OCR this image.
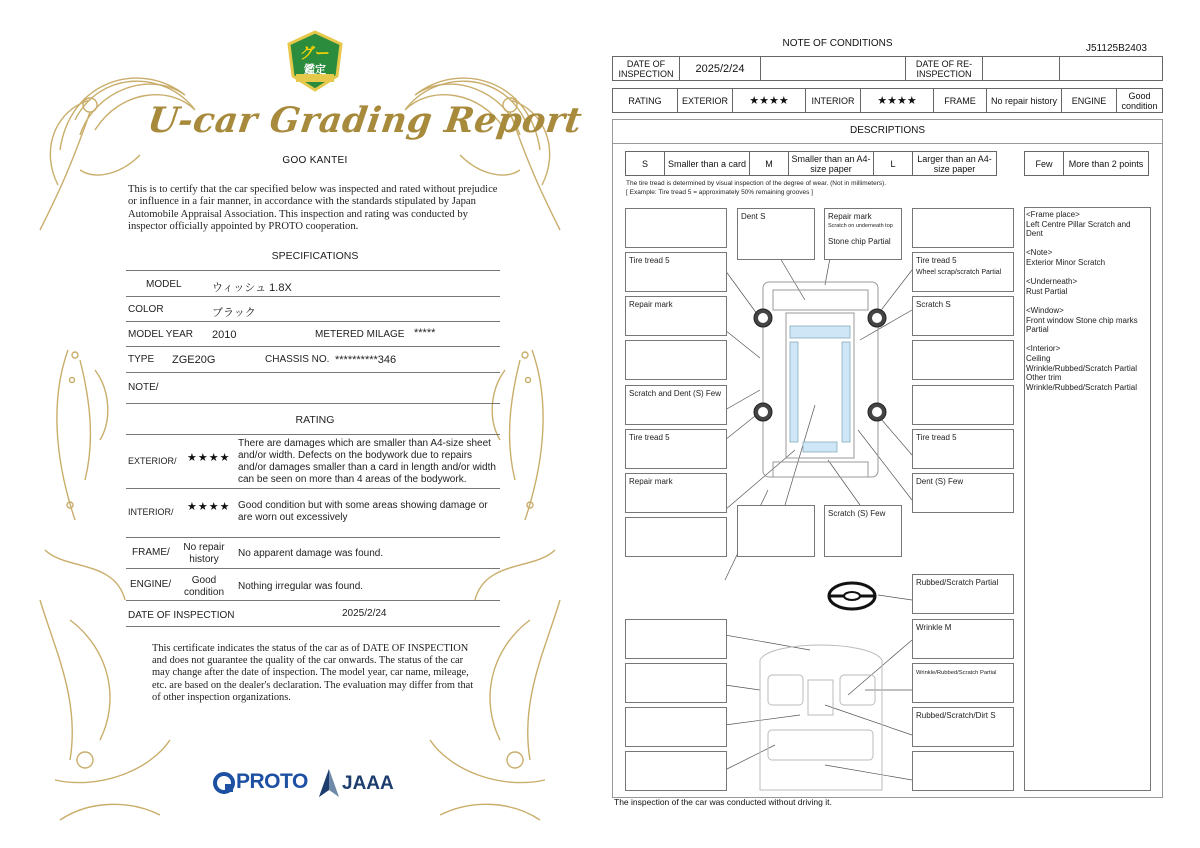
グー
鑑定
U-car Grading Report
GOO KANTEI
This is to certify that the car specified below was inspected and rated without prejudice or influence in a fair manner, in accordance with the standards stipulated by Japan Automobile Appraisal Association. This inspection and rating was conducted by inspector officially appointed by PROTO cooperation.
SPECIFICATIONS
MODEL	ウィッシュ 1.8X
COLOR	ブラック
MODEL YEAR 2010	METERED MILAGE *****
TYPE ZGE20G	CHASSIS NO. **********346
NOTE/
RATING
EXTERIOR/ ★★★★
There are damages which are smaller than A4-size sheet and/or width. Defects on the bodywork due to repairs and/or damages smaller than a card in length and/or width can be seen on more than 4 areas of the bodywork.
INTERIOR/ ★★★★ Good condition but with some areas showing damage or are worn out excessively
FRAME/	No repair history
No apparent damage was found.
ENGINE/	Good condition
Nothing irregular was found.
DATE OF INSPECTION	2025/2/24
This certificate indicates the status of the car as of DATE OF INSPECTION and does not guarantee the quality of the car onwards. The status of the car may change after the date of inspection. The model year, car name, mileage, etc. are based on the dealer's declaration. The evaluation may differ from that of other inspection organizations.
PROTO JAAA
NOTE OF CONDITIONS	J51125B2403
DATE OF INSPECTION	2025/2/24		DATE OF RE-INSPECTION		
RATING	EXTERIOR	★★★★	INTERIOR	★★★★	FRAME	No repair history	ENGINE	Good condition
DESCRIPTIONS
S	Smaller than a card	M	Smaller than an A4-size paper	L	Larger than an A4-size paper	Few	More than 2 points
The tire tread is determined by visual inspection of the degree of wear. (Not in millimeters).
[ Example: Tire tread 5 = approximately 50% remaining grooves ]
Dent S	Repair mark
Scratch on underneath top
Stone chip Partial
Tire tread 5	Tire tread 5
Wheel scrap/scratch Partial
Repair mark	Scratch S
Scratch and Dent (S) Few
Tire tread 5	Tire tread 5
Repair mark	Dent (S) Few
Scratch (S) Few
Rubbed/Scratch Partial
Wrinkle M
Wrinkle/Rubbed/Scratch Partial
Rubbed/Scratch/Dirt S
<Frame place>
Left Centre Pillar Scratch and Dent

<Note>
Exterior Minor Scratch

<Underneath>
Rust Partial

<Window>
Front window Stone chip marks Partial

<Interior>
Ceiling
Wrinkle/Rubbed/Scratch Partial
Other trim
Wrinkle/Rubbed/Scratch Partial
The inspection of the car was conducted without driving it.
